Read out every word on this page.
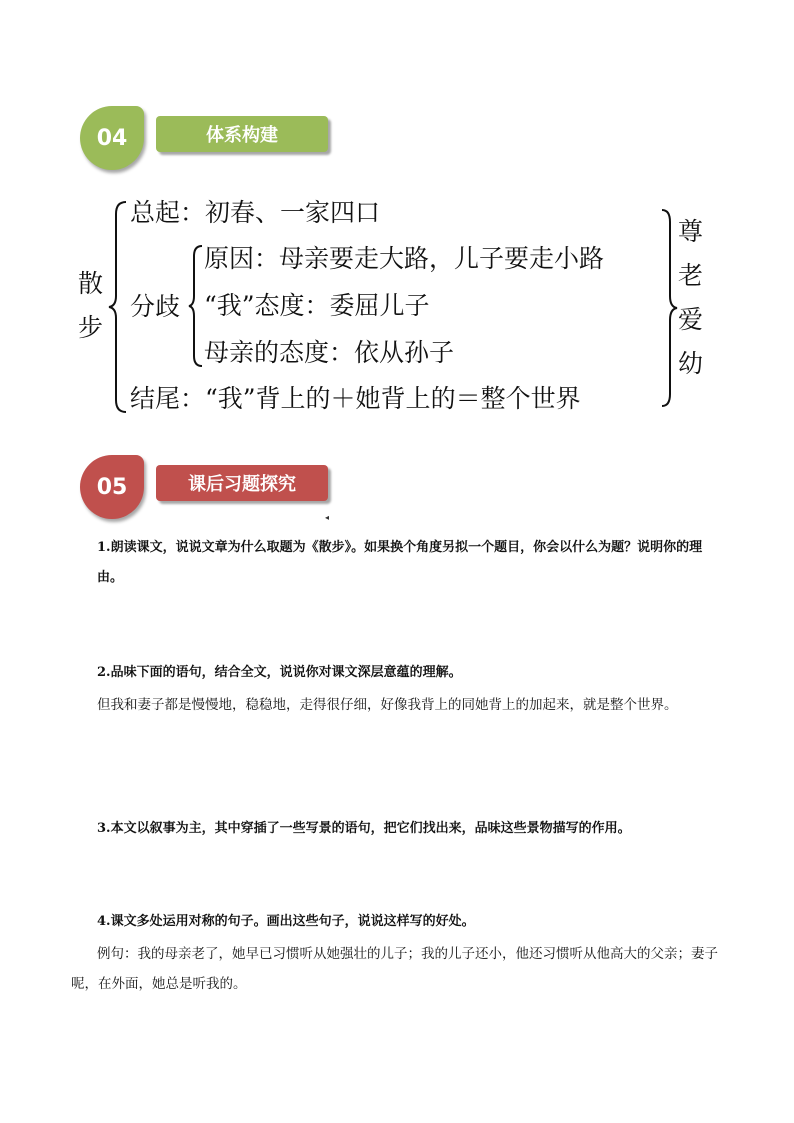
04	体系构建
散
步
总起：初春、一家四口
分歧
原因：母亲要走大路，儿子要走小路
“我”态度：委屈儿子
母亲的态度：依从孙子
结尾：“我”背上的＋她背上的＝整个世界
尊
老
爱
幼
05	课后习题探究
◂
1.朗读课文，说说文章为什么取题为《散步》。如果换个角度另拟一个题目，你会以什么为题？说明你的理由。
2.品味下面的语句，结合全文，说说你对课文深层意蕴的理解。
但我和妻子都是慢慢地，稳稳地，走得很仔细，好像我背上的同她背上的加起来，就是整个世界。
3.本文以叙事为主，其中穿插了一些写景的语句，把它们找出来，品味这些景物描写的作用。
4.课文多处运用对称的句子。画出这些句子，说说这样写的好处。
例句：我的母亲老了，她早已习惯听从她强壮的儿子；我的儿子还小，他还习惯听从他高大的父亲；妻子呢，在外面，她总是听我的。
